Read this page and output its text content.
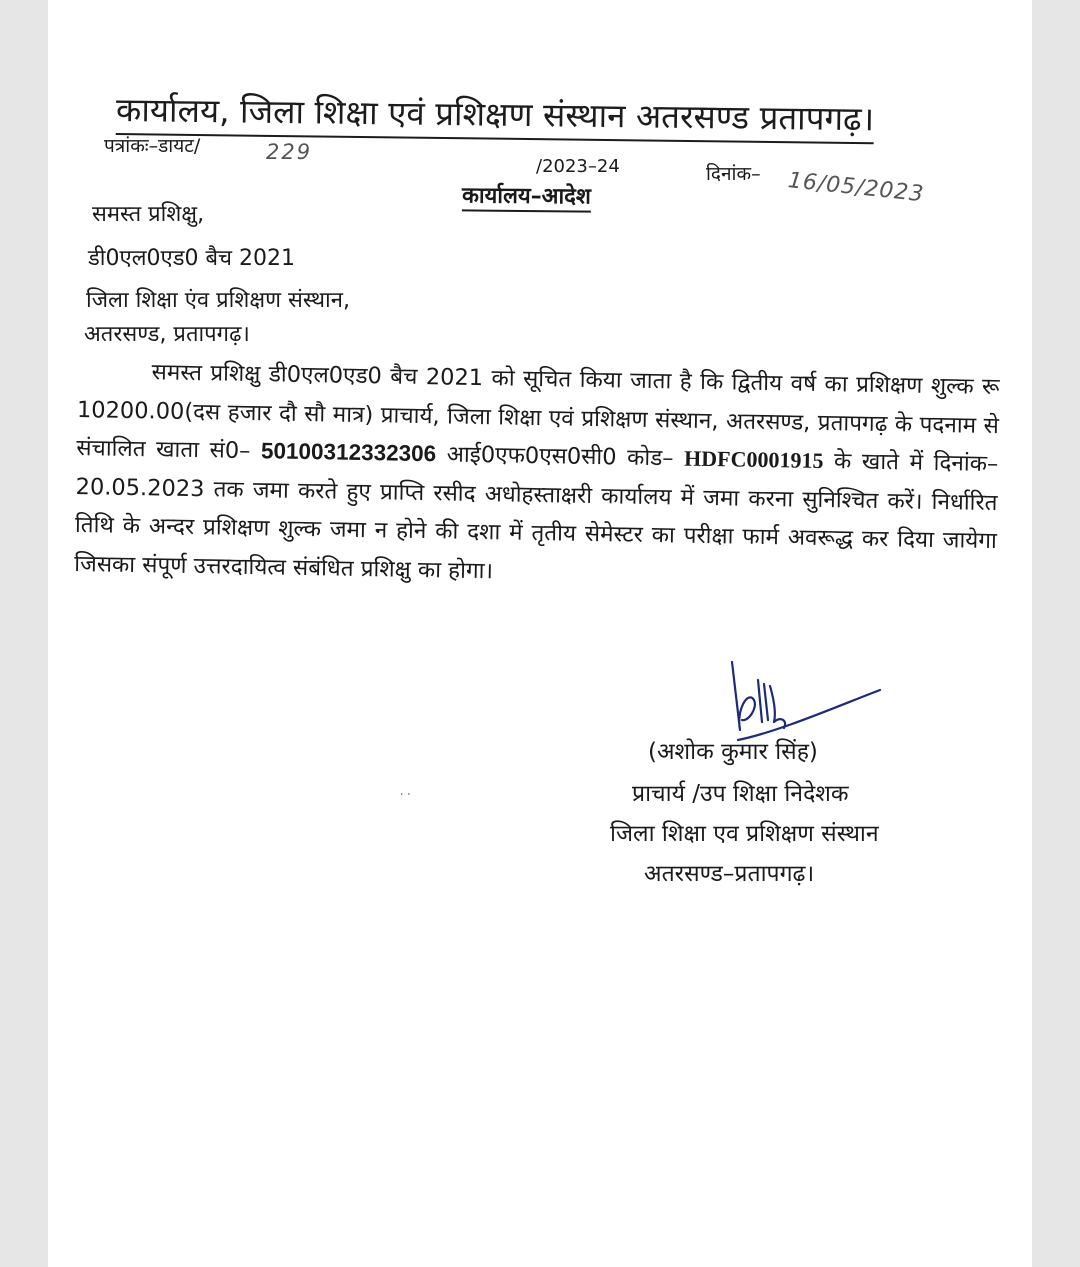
कार्यालय, जिला शिक्षा एवं प्रशिक्षण संस्थान अतरसण्ड प्रतापगढ़।
पत्रांकः–डायट/	229
/2023–24	दिनांक– 16/05/2023
कार्यालय–आदेश
समस्त प्रशिक्षु,
डी0एल0एड0 बैच 2021
जिला शिक्षा एंव प्रशिक्षण संस्थान,
अतरसण्ड, प्रतापगढ़।

समस्त प्रशिक्षु डी0एल0एड0 बैच 2021 को सूचित किया जाता है कि द्वितीय वर्ष का प्रशिक्षण शुल्क रू 10200.00(दस हजार दौ सौ मात्र) प्राचार्य, जिला शिक्षा एवं प्रशिक्षण संस्थान, अतरसण्ड, प्रतापगढ़ के पदनाम से संचालित खाता सं0– 50100312332306 आई0एफ0एस0सी0 कोड– HDFC0001915 के खाते में दिनांक– 20.05.2023 तक जमा करते हुए प्राप्ति रसीद अधोहस्ताक्षरी कार्यालय में जमा करना सुनिश्चित करें। निर्धारित तिथि के अन्दर प्रशिक्षण शुल्क जमा न होने की दशा में तृतीय सेमेस्टर का परीक्षा फार्म अवरूद्ध कर दिया जायेगा जिसका संपूर्ण उत्तरदायित्व संबंधित प्रशिक्षु का होगा।

(अशोक कुमार सिंह)
प्राचार्य /उप शिक्षा निदेशक
जिला शिक्षा एव प्रशिक्षण संस्थान
अतरसण्ड–प्रतापगढ़।
᛫᛫
